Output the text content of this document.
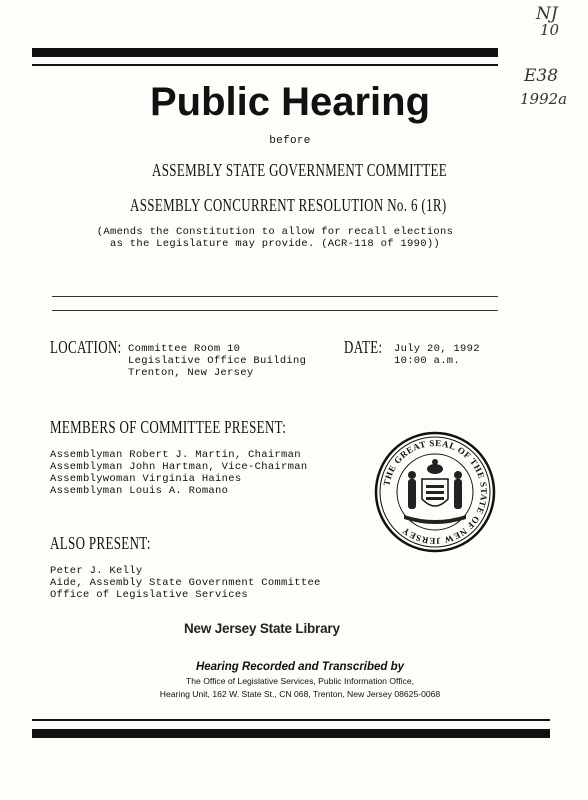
NJ
10
E38
1992a
Public Hearing
before
ASSEMBLY STATE GOVERNMENT COMMITTEE
ASSEMBLY CONCURRENT RESOLUTION No. 6 (1R)
(Amends the Constitution to allow for recall elections
as the Legislature may provide. (ACR-118 of 1990))
LOCATION: Committee Room 10
Legislative Office Building
Trenton, New Jersey
DATE: July 20, 1992
10:00 a.m.
MEMBERS OF COMMITTEE PRESENT:
Assemblyman Robert J. Martin, Chairman
Assemblyman John Hartman, Vice-Chairman
Assemblywoman Virginia Haines
Assemblyman Louis A. Romano
THE GREAT SEAL OF THE STATE OF NEW JERSEY
ALSO PRESENT:
Peter J. Kelly
Aide, Assembly State Government Committee
Office of Legislative Services
New Jersey State Library
Hearing Recorded and Transcribed by
The Office of Legislative Services, Public Information Office,
Hearing Unit, 162 W. State St., CN 068, Trenton, New Jersey 08625-0068
